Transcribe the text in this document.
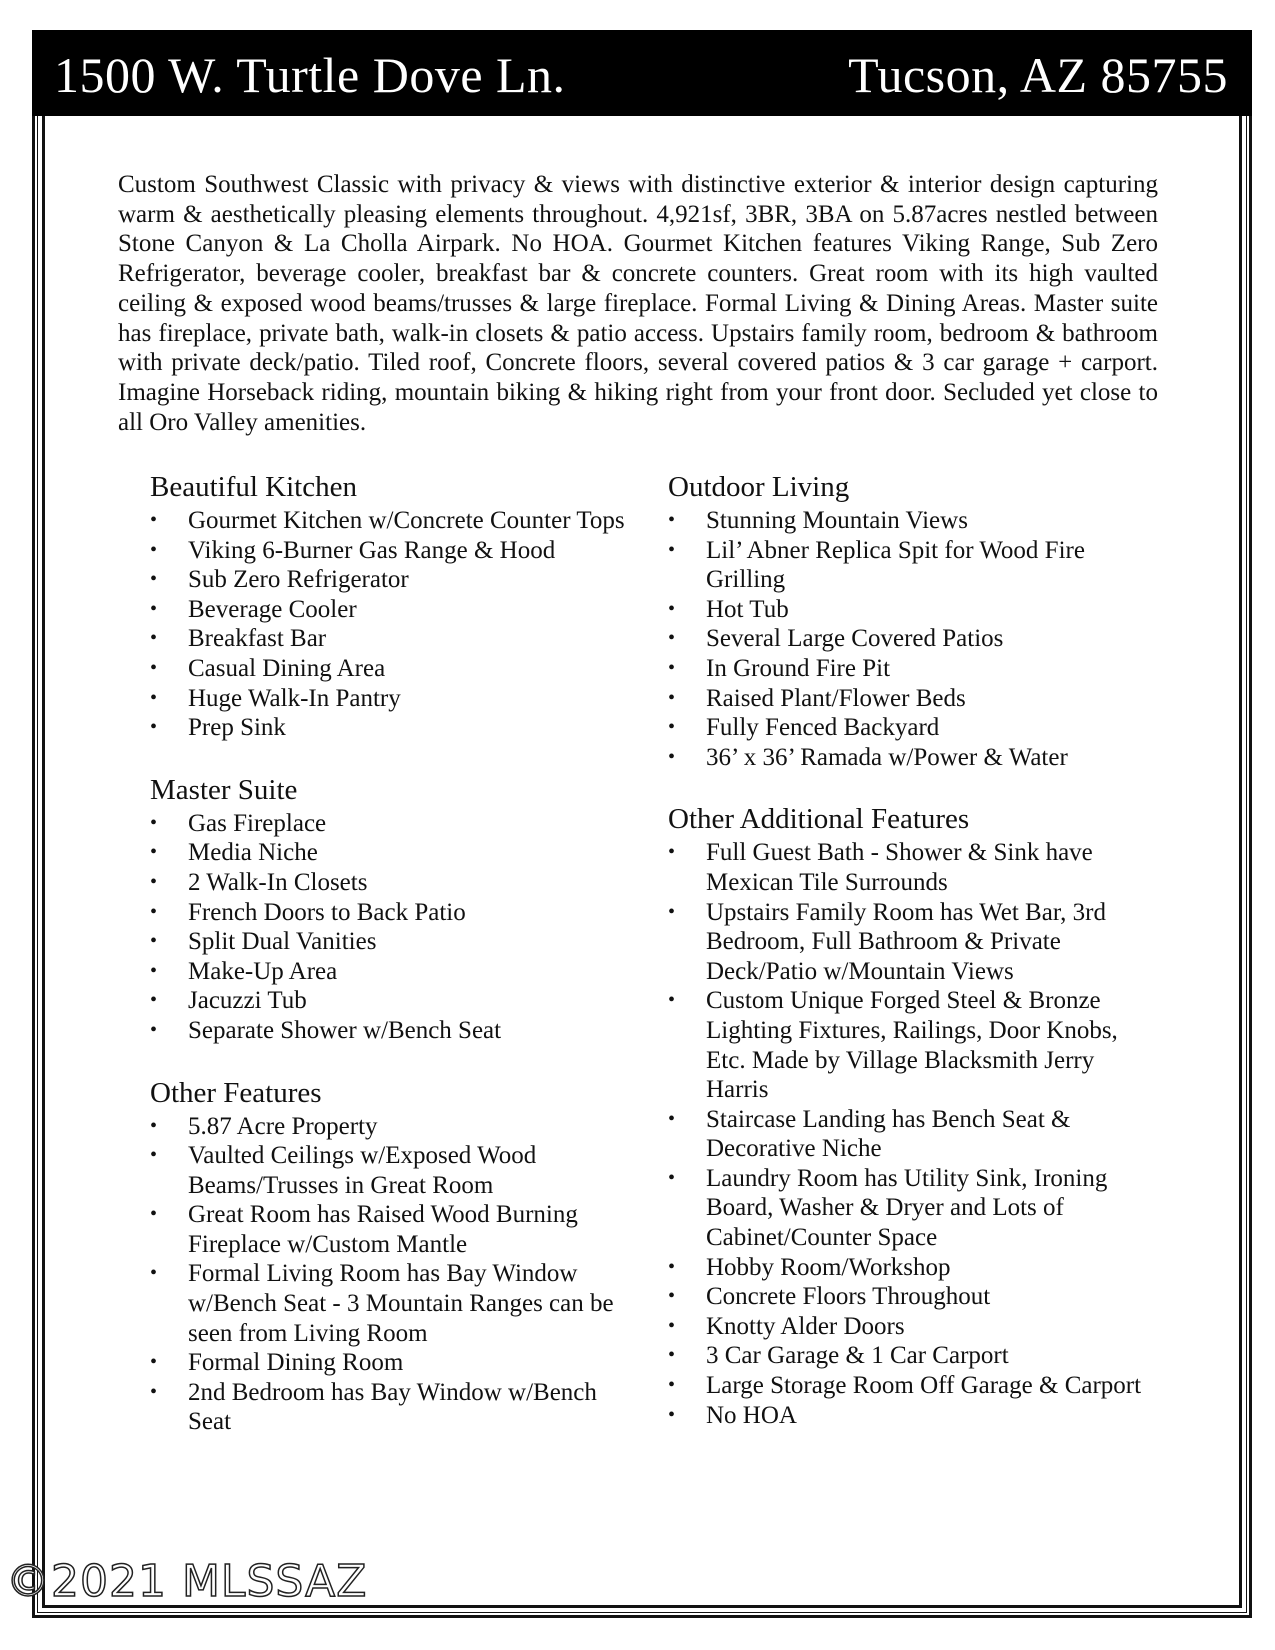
1500 W. Turtle Dove Ln.	Tucson, AZ 85755

Custom Southwest Classic with privacy & views with distinctive exterior & interior design capturing warm & aesthetically pleasing elements throughout. 4,921sf, 3BR, 3BA on 5.87acres nestled between Stone Canyon & La Cholla Airpark. No HOA. Gourmet Kitchen features Viking Range, Sub Zero Refrigerator, beverage cooler, breakfast bar & concrete counters. Great room with its high vaulted ceiling & exposed wood beams/trusses & large fireplace. Formal Living & Dining Areas. Master suite has fireplace, private bath, walk-in closets & patio access. Upstairs family room, bedroom & bathroom with private deck/patio. Tiled roof, Concrete floors, several covered patios & 3 car garage + carport. Imagine Horseback riding, mountain biking & hiking right from your front door. Secluded yet close to all Oro Valley amenities.

Beautiful Kitchen
• Gourmet Kitchen w/Concrete Counter Tops
• Viking 6-Burner Gas Range & Hood
• Sub Zero Refrigerator
• Beverage Cooler
• Breakfast Bar
• Casual Dining Area
• Huge Walk-In Pantry
• Prep Sink
Master Suite
• Gas Fireplace
• Media Niche
• 2 Walk-In Closets
• French Doors to Back Patio
• Split Dual Vanities
• Make-Up Area
• Jacuzzi Tub
• Separate Shower w/Bench Seat
Other Features
• 5.87 Acre Property
• Vaulted Ceilings w/Exposed Wood Beams/Trusses in Great Room
• Great Room has Raised Wood Burning Fireplace w/Custom Mantle
• Formal Living Room has Bay Window w/Bench Seat - 3 Mountain Ranges can be seen from Living Room
• Formal Dining Room
• 2nd Bedroom has Bay Window w/Bench Seat
Outdoor Living
• Stunning Mountain Views
• Lil’ Abner Replica Spit for Wood Fire Grilling
• Hot Tub
• Several Large Covered Patios
• In Ground Fire Pit
• Raised Plant/Flower Beds
• Fully Fenced Backyard
• 36’ x 36’ Ramada w/Power & Water
Other Additional Features
• Full Guest Bath - Shower & Sink have Mexican Tile Surrounds
• Upstairs Family Room has Wet Bar, 3rd Bedroom, Full Bathroom & Private Deck/Patio w/Mountain Views
• Custom Unique Forged Steel & Bronze Lighting Fixtures, Railings, Door Knobs, Etc. Made by Village Blacksmith Jerry Harris
• Staircase Landing has Bench Seat & Decorative Niche
• Laundry Room has Utility Sink, Ironing Board, Washer & Dryer and Lots of Cabinet/Counter Space
• Hobby Room/Workshop
• Concrete Floors Throughout
• Knotty Alder Doors
• 3 Car Garage & 1 Car Carport
• Large Storage Room Off Garage & Carport
• No HOA
©2021 MLSSAZ
